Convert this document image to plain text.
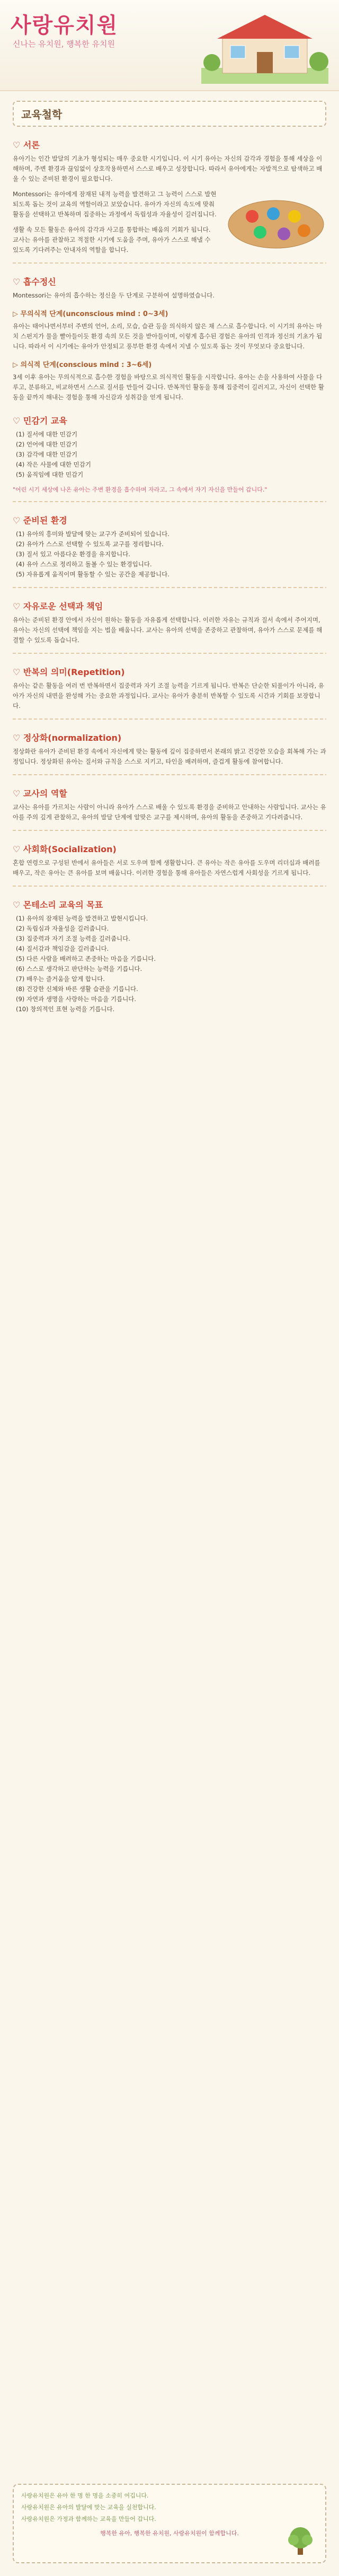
사랑유치원
신나는 유치원, 행복한 유치원
교육철학
♡ 서론

유아기는 인간 발달의 기초가 형성되는 매우 중요한 시기입니다. 이 시기 유아는 자신의 감각과 경험을 통해 세상을 이해하며, 주변 환경과 끊임없이 상호작용하면서 스스로 배우고 성장합니다. 따라서 유아에게는 자발적으로 탐색하고 배울 수 있는 준비된 환경이 필요합니다.

Montessori는 유아에게 잠재된 내적 능력을 발견하고 그 능력이 스스로 발현되도록 돕는 것이 교육의 역할이라고 보았습니다. 유아가 자신의 속도에 맞춰 활동을 선택하고 반복하며 집중하는 과정에서 독립성과 자율성이 길러집니다.

생활 속 모든 활동은 유아의 감각과 사고를 통합하는 배움의 기회가 됩니다. 교사는 유아를 관찰하고 적절한 시기에 도움을 주며, 유아가 스스로 해낼 수 있도록 기다려주는 안내자의 역할을 합니다.

♡ 흡수정신

Montessori는 유아의 흡수하는 정신을 두 단계로 구분하여 설명하였습니다.

▷ 무의식적 단계(unconscious mind : 0~3세)

유아는 태어나면서부터 주변의 언어, 소리, 모습, 습관 등을 의식하지 않은 채 스스로 흡수합니다. 이 시기의 유아는 마치 스펀지가 물을 빨아들이듯 환경 속의 모든 것을 받아들이며, 이렇게 흡수된 경험은 유아의 인격과 정신의 기초가 됩니다. 따라서 이 시기에는 유아가 안정되고 풍부한 환경 속에서 지낼 수 있도록 돕는 것이 무엇보다 중요합니다.

▷ 의식적 단계(conscious mind : 3~6세)

3세 이후 유아는 무의식적으로 흡수한 경험을 바탕으로 의식적인 활동을 시작합니다. 유아는 손을 사용하여 사물을 다루고, 분류하고, 비교하면서 스스로 질서를 만들어 갑니다. 반복적인 활동을 통해 집중력이 길러지고, 자신이 선택한 활동을 끝까지 해내는 경험을 통해 자신감과 성취감을 얻게 됩니다.

♡ 민감기 교육
(1) 질서에 대한 민감기
(2) 언어에 대한 민감기
(3) 감각에 대한 민감기
(4) 작은 사물에 대한 민감기
(5) 움직임에 대한 민감기
"어린 시기 세상에 나온 유아는 주변 환경을 흡수하며 자라고, 그 속에서 자기 자신을 만들어 갑니다."
♡ 준비된 환경
(1) 유아의 흥미와 발달에 맞는 교구가 준비되어 있습니다.
(2) 유아가 스스로 선택할 수 있도록 교구를 정리합니다.
(3) 질서 있고 아름다운 환경을 유지합니다.
(4) 유아 스스로 정리하고 돌볼 수 있는 환경입니다.
(5) 자유롭게 움직이며 활동할 수 있는 공간을 제공합니다.
♡ 자유로운 선택과 책임

유아는 준비된 환경 안에서 자신이 원하는 활동을 자유롭게 선택합니다. 이러한 자유는 규칙과 질서 속에서 주어지며, 유아는 자신의 선택에 책임을 지는 법을 배웁니다. 교사는 유아의 선택을 존중하고 관찰하며, 유아가 스스로 문제를 해결할 수 있도록 돕습니다.

♡ 반복의 의미(Repetition)

유아는 같은 활동을 여러 번 반복하면서 집중력과 자기 조절 능력을 기르게 됩니다. 반복은 단순한 되풀이가 아니라, 유아가 자신의 내면을 완성해 가는 중요한 과정입니다. 교사는 유아가 충분히 반복할 수 있도록 시간과 기회를 보장합니다.

♡ 정상화(normalization)

정상화란 유아가 준비된 환경 속에서 자신에게 맞는 활동에 깊이 집중하면서 본래의 밝고 건강한 모습을 회복해 가는 과정입니다. 정상화된 유아는 질서와 규칙을 스스로 지키고, 타인을 배려하며, 즐겁게 활동에 참여합니다.

♡ 교사의 역할

교사는 유아를 가르치는 사람이 아니라 유아가 스스로 배울 수 있도록 환경을 준비하고 안내하는 사람입니다. 교사는 유아를 주의 깊게 관찰하고, 유아의 발달 단계에 알맞은 교구를 제시하며, 유아의 활동을 존중하고 기다려줍니다.

♡ 사회화(Socialization)

혼합 연령으로 구성된 반에서 유아들은 서로 도우며 함께 생활합니다. 큰 유아는 작은 유아를 도우며 리더십과 배려를 배우고, 작은 유아는 큰 유아를 보며 배웁니다. 이러한 경험을 통해 유아들은 자연스럽게 사회성을 기르게 됩니다.

♡ 몬테소리 교육의 목표
(1) 유아의 잠재된 능력을 발견하고 발현시킵니다.
(2) 독립심과 자율성을 길러줍니다.
(3) 집중력과 자기 조절 능력을 길러줍니다.
(4) 질서감과 책임감을 길러줍니다.
(5) 다른 사람을 배려하고 존중하는 마음을 기릅니다.
(6) 스스로 생각하고 판단하는 능력을 기릅니다.
(7) 배우는 즐거움을 알게 합니다.
(8) 건강한 신체와 바른 생활 습관을 기릅니다.
(9) 자연과 생명을 사랑하는 마음을 기릅니다.
(10) 창의적인 표현 능력을 기릅니다.
사랑유치원은 유아 한 명 한 명을 소중히 여깁니다.
사랑유치원은 유아의 발달에 맞는 교육을 실천합니다.
사랑유치원은 가정과 함께하는 교육을 만들어 갑니다.
행복한 유아, 행복한 유치원, 사랑유치원이 함께합니다.
